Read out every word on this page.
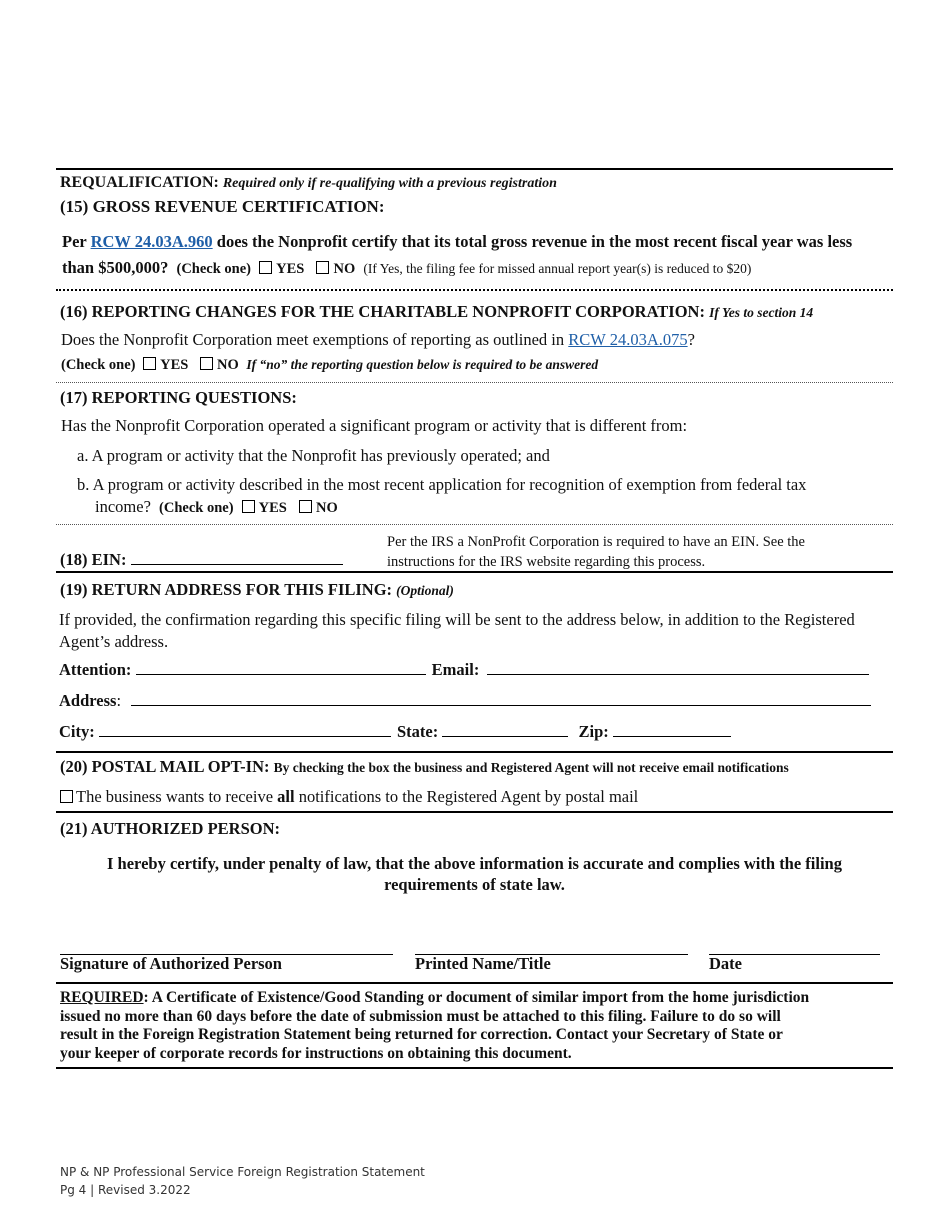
REQUALIFICATION: Required only if re-qualifying with a previous registration
(15) GROSS REVENUE CERTIFICATION:
Per RCW 24.03A.960 does the Nonprofit certify that its total gross revenue in the most recent fiscal year was less
than $500,000? (Check one) YES NO (If Yes, the filing fee for missed annual report year(s) is reduced to $20)
(16) REPORTING CHANGES FOR THE CHARITABLE NONPROFIT CORPORATION: If Yes to section 14
Does the Nonprofit Corporation meet exemptions of reporting as outlined in RCW 24.03A.075?
(Check one) YES NO If “no” the reporting question below is required to be answered
(17) REPORTING QUESTIONS:
Has the Nonprofit Corporation operated a significant program or activity that is different from:
a. A program or activity that the Nonprofit has previously operated; and
b. A program or activity described in the most recent application for recognition of exemption from federal tax
income? (Check one) YES NO
(18) EIN:
Per the IRS a NonProfit Corporation is required to have an EIN. See the
instructions for the IRS website regarding this process.
(19) RETURN ADDRESS FOR THIS FILING: (Optional)
If provided, the confirmation regarding this specific filing will be sent to the address below, in addition to the Registered
Agent’s address.
Attention:	Email:
Address:
City:	State:	Zip:
(20) POSTAL MAIL OPT-IN: By checking the box the business and Registered Agent will not receive email notifications
The business wants to receive all notifications to the Registered Agent by postal mail
(21) AUTHORIZED PERSON:
I hereby certify, under penalty of law, that the above information is accurate and complies with the filing
requirements of state law.
Signature of Authorized Person	Printed Name/Title	Date
REQUIRED: A Certificate of Existence/Good Standing or document of similar import from the home jurisdiction
issued no more than 60 days before the date of submission must be attached to this filing. Failure to do so will
result in the Foreign Registration Statement being returned for correction. Contact your Secretary of State or
your keeper of corporate records for instructions on obtaining this document.
NP & NP Professional Service Foreign Registration Statement
Pg 4 | Revised 3.2022
